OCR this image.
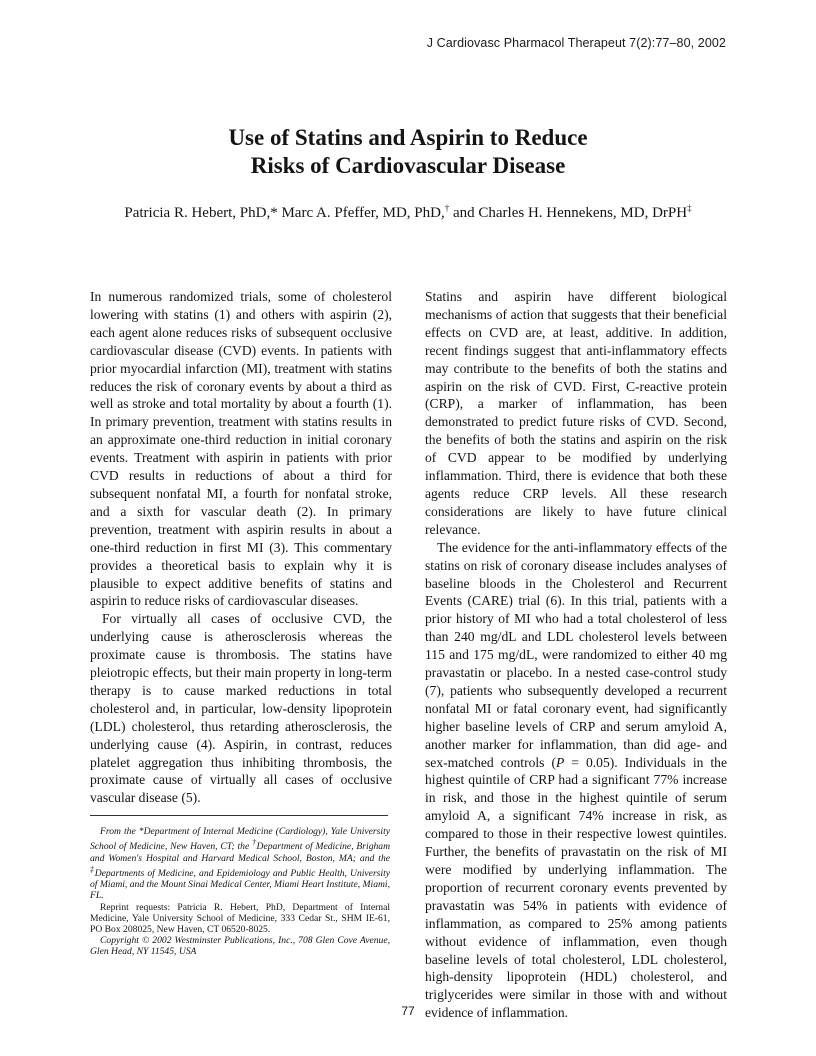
J Cardiovasc Pharmacol Therapeut 7(2):77–80, 2002
Use of Statins and Aspirin to Reduce
Risks of Cardiovascular Disease
Patricia R. Hebert, PhD,* Marc A. Pfeffer, MD, PhD,† and Charles H. Hennekens, MD, DrPH‡

In numerous randomized trials, some of cholesterol lowering with statins (1) and others with aspirin (2), each agent alone reduces risks of subsequent occlusive cardiovascular disease (CVD) events. In patients with prior myocardial infarction (MI), treatment with statins reduces the risk of coronary events by about a third as well as stroke and total mortality by about a fourth (1). In primary prevention, treatment with statins results in an approximate one-third reduction in initial coronary events. Treatment with aspirin in patients with prior CVD results in reductions of about a third for subsequent nonfatal MI, a fourth for nonfatal stroke, and a sixth for vascular death (2). In primary prevention, treatment with aspirin results in about a one-third reduction in first MI (3). This commentary provides a theoretical basis to explain why it is plausible to expect additive benefits of statins and aspirin to reduce risks of cardiovascular diseases.

For virtually all cases of occlusive CVD, the underlying cause is atherosclerosis whereas the proximate cause is thrombosis. The statins have pleiotropic effects, but their main property in long-term therapy is to cause marked reductions in total cholesterol and, in particular, low-density lipoprotein (LDL) cholesterol, thus retarding atherosclerosis, the underlying cause (4). Aspirin, in contrast, reduces platelet aggregation thus inhibiting thrombosis, the proximate cause of virtually all cases of occlusive vascular disease (5).

Statins and aspirin have different biological mechanisms of action that suggests that their beneficial effects on CVD are, at least, additive. In addition, recent findings suggest that anti-inflammatory effects may contribute to the benefits of both the statins and aspirin on the risk of CVD. First, C-reactive protein (CRP), a marker of inflammation, has been demonstrated to predict future risks of CVD. Second, the benefits of both the statins and aspirin on the risk of CVD appear to be modified by underlying inflammation. Third, there is evidence that both these agents reduce CRP levels. All these research considerations are likely to have future clinical relevance.

The evidence for the anti-inflammatory effects of the statins on risk of coronary disease includes analyses of baseline bloods in the Cholesterol and Recurrent Events (CARE) trial (6). In this trial, patients with a prior history of MI who had a total cholesterol of less than 240 mg/dL and LDL cholesterol levels between 115 and 175 mg/dL, were randomized to either 40 mg pravastatin or placebo. In a nested case-control study (7), patients who subsequently developed a recurrent nonfatal MI or fatal coronary event, had significantly higher baseline levels of CRP and serum amyloid A, another marker for inflammation, than did age- and sex-matched controls (P = 0.05). Individuals in the highest quintile of CRP had a significant 77% increase in risk, and those in the highest quintile of serum amyloid A, a significant 74% increase in risk, as compared to those in their respective lowest quintiles. Further, the benefits of pravastatin on the risk of MI were modified by underlying inflammation. The proportion of recurrent coronary events prevented by pravastatin was 54% in patients with evidence of inflammation, as compared to 25% among patients without evidence of inflammation, even though baseline levels of total cholesterol, LDL cholesterol, high-density lipoprotein (HDL) cholesterol, and triglycerides were similar in those with and without evidence of inflammation.

From the *Department of Internal Medicine (Cardiology), Yale University School of Medicine, New Haven, CT; the †Department of Medicine, Brigham and Women's Hospital and Harvard Medical School, Boston, MA; and the ‡Departments of Medicine, and Epidemiology and Public Health, University of Miami, and the Mount Sinai Medical Center, Miami Heart Institute, Miami, FL.

Reprint requests: Patricia R. Hebert, PhD, Department of Internal Medicine, Yale University School of Medicine, 333 Cedar St., SHM IE-61, PO Box 208025, New Haven, CT 06520-8025.

Copyright © 2002 Westminster Publications, Inc., 708 Glen Cove Avenue, Glen Head, NY 11545, USA

77
